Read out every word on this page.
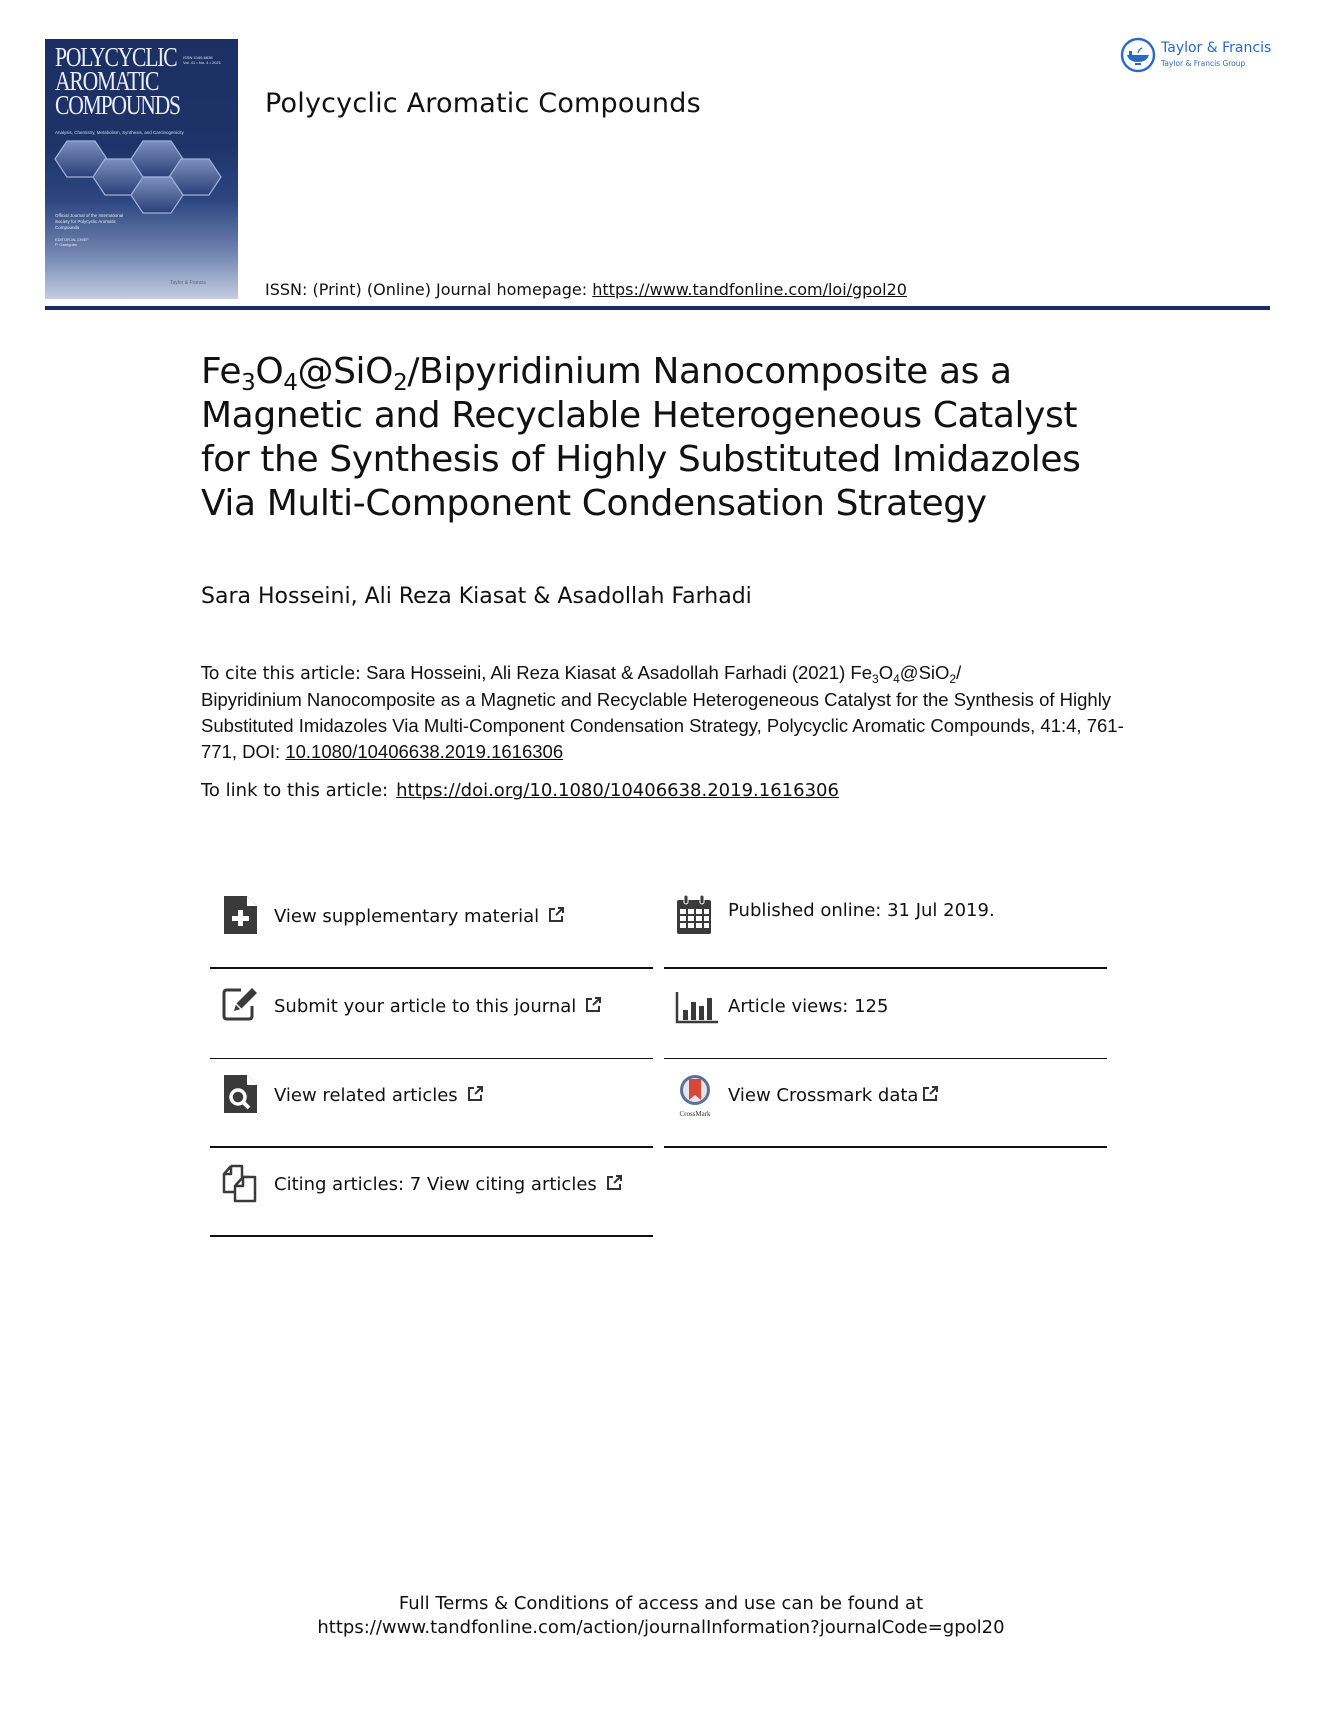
POLYCYCLIC
AROMATIC
COMPOUNDS
ISSN 1040-6638
Vol. 41 • No. 4 • 2021
Analysis, Chemistry, Metabolism, Synthesis, and Carcinogenicity
Official Journal of the International
Society for Polycyclic Aromatic
Compounds
EDITOR-IN-CHIEF
P. Garrigues
Taylor & Francis
Polycyclic Aromatic Compounds
Taylor & Francis
Taylor & Francis Group
ISSN: (Print) (Online) Journal homepage: https://www.tandfonline.com/loi/gpol20
$Fe_3O_4@SiO_2$/Bipyridinium Nanocomposite as a
Magnetic and Recyclable Heterogeneous Catalyst
for the Synthesis of Highly Substituted Imidazoles
Via Multi-Component Condensation Strategy
Sara Hosseini, Ali Reza Kiasat & Asadollah Farhadi
To cite this article: Sara Hosseini, Ali Reza Kiasat & Asadollah Farhadi (2021) $Fe_3O_4@SiO_2/$
Bipyridinium Nanocomposite as a Magnetic and Recyclable Heterogeneous Catalyst for the Synthesis of Highly Substituted Imidazoles Via Multi-Component Condensation Strategy, Polycyclic Aromatic Compounds, 41:4, 761-771, DOI: 10.1080/10406638.2019.1616306
To link to this article: https://doi.org/10.1080/10406638.2019.1616306
View supplementary material
Submit your article to this journal
View related articles
Citing articles: 7 View citing articles
Published online: 31 Jul 2019.
Article views: 125
CrossMark
View Crossmark data
Full Terms & Conditions of access and use can be found at
https://www.tandfonline.com/action/journalInformation?journalCode=gpol20
